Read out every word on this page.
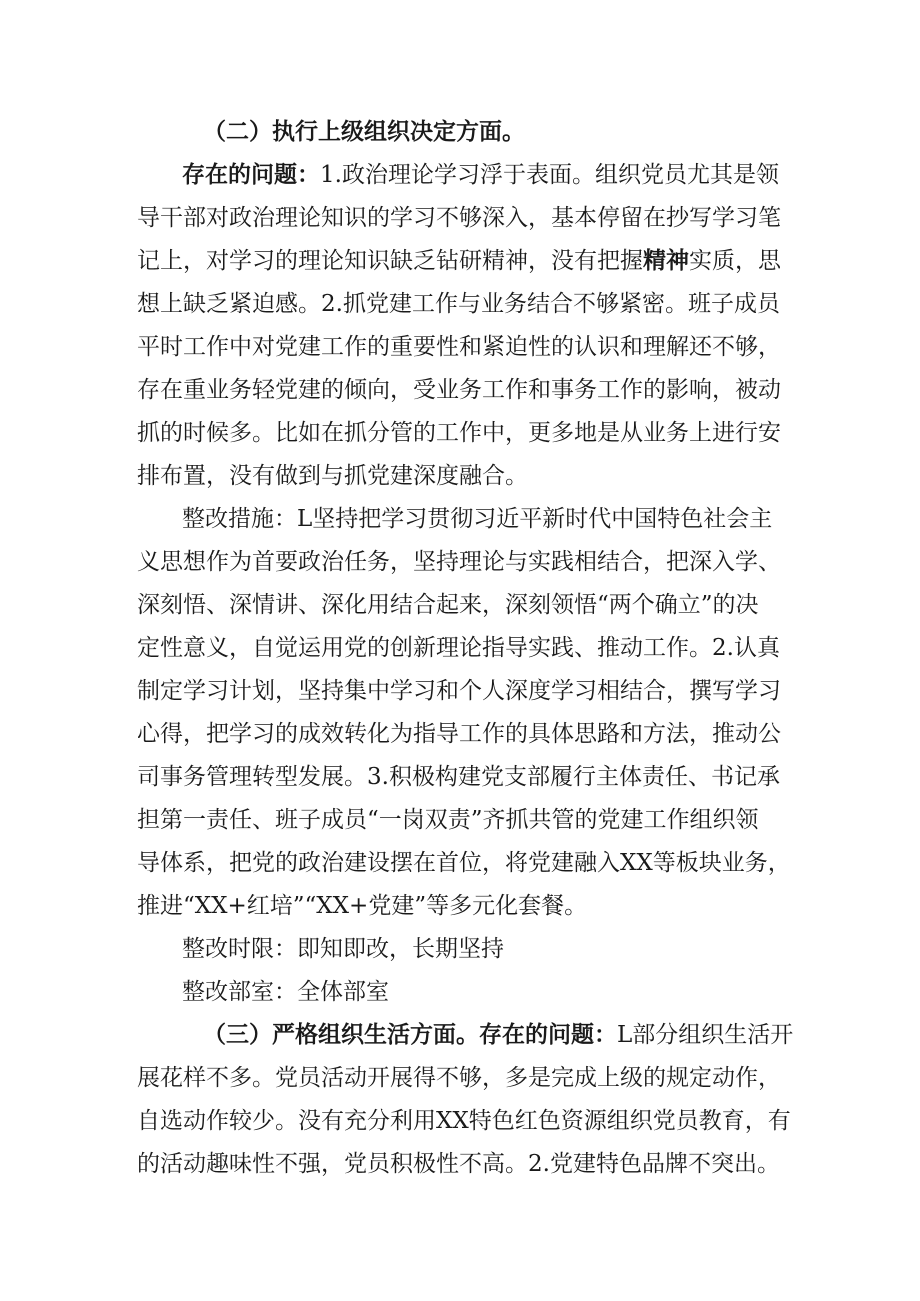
（二）执行上级组织决定方面。
存在的问题：1.政治理论学习浮于表面。组织党员尤其是领
导干部对政治理论知识的学习不够深入，基本停留在抄写学习笔
记上，对学习的理论知识缺乏钻研精神，没有把握精神实质，思
想上缺乏紧迫感。2.抓党建工作与业务结合不够紧密。班子成员
平时工作中对党建工作的重要性和紧迫性的认识和理解还不够，
存在重业务轻党建的倾向，受业务工作和事务工作的影响，被动
抓的时候多。比如在抓分管的工作中，更多地是从业务上进行安
排布置，没有做到与抓党建深度融合。
整改措施：L坚持把学习贯彻习近平新时代中国特色社会主
义思想作为首要政治任务，坚持理论与实践相结合，把深入学、
深刻悟、深情讲、深化用结合起来，深刻领悟“两个确立”的决
定性意义，自觉运用党的创新理论指导实践、推动工作。2.认真
制定学习计划，坚持集中学习和个人深度学习相结合，撰写学习
心得，把学习的成效转化为指导工作的具体思路和方法，推动公
司事务管理转型发展。3.积极构建党支部履行主体责任、书记承
担第一责任、班子成员“一岗双责”齐抓共管的党建工作组织领
导体系，把党的政治建设摆在首位，将党建融入XX等板块业务，
推进“XX+红培”“XX+党建”等多元化套餐。
整改时限：即知即改，长期坚持
整改部室：全体部室
（三）严格组织生活方面。存在的问题：L部分组织生活开
展花样不多。党员活动开展得不够，多是完成上级的规定动作，
自选动作较少。没有充分利用XX特色红色资源组织党员教育，有
的活动趣味性不强，党员积极性不高。2.党建特色品牌不突出。
